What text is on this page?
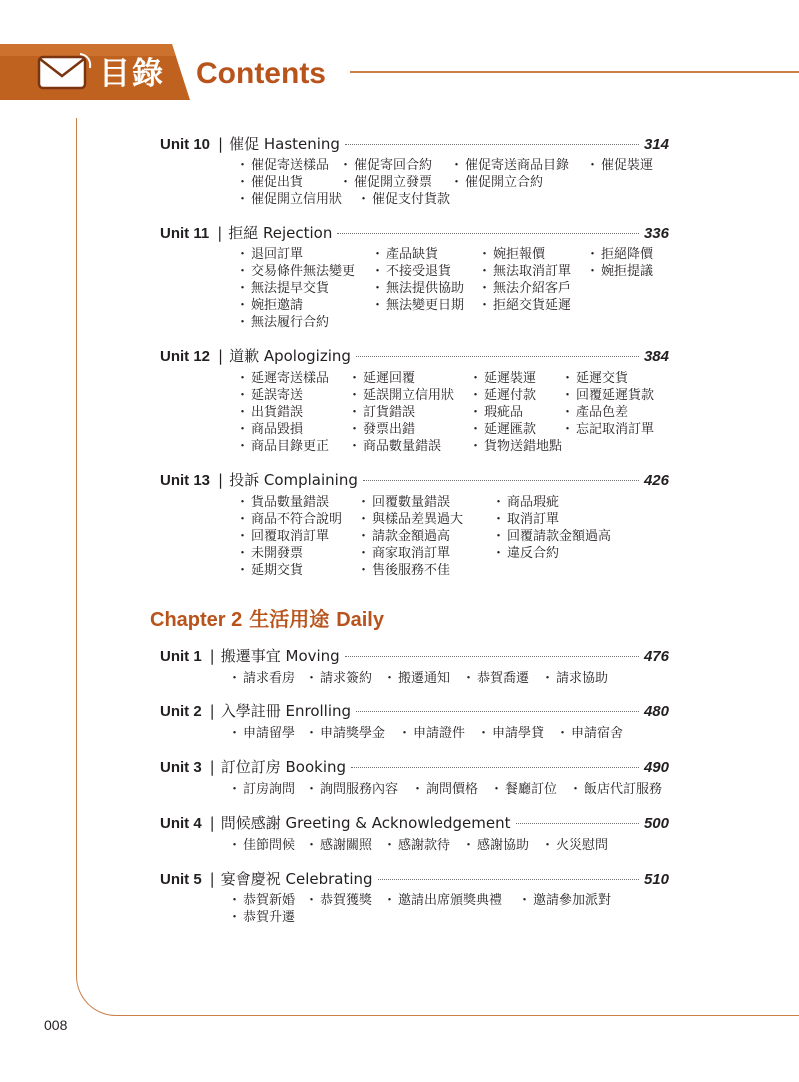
目錄 Contents
Unit 10 | 催促 Hastening	314
・ 催促寄送樣品	・ 催促寄回合約	・ 催促寄送商品目錄	・ 催促裝運
・ 催促出貨	・ 催促開立發票	・ 催促開立合約
・ 催促開立信用狀	・ 催促支付貨款
Unit 11 | 拒絕 Rejection	336
・ 退回訂單	・ 產品缺貨	・ 婉拒報價	・ 拒絕降價
・ 交易條件無法變更	・ 不接受退貨	・ 無法取消訂單	・ 婉拒提議
・ 無法提早交貨	・ 無法提供協助	・ 無法介紹客戶
・ 婉拒邀請	・ 無法變更日期	・ 拒絕交貨延遲
・ 無法履行合約
Unit 12 | 道歉 Apologizing	384
・ 延遲寄送樣品	・ 延遲回覆	・ 延遲裝運	・ 延遲交貨
・ 延誤寄送	・ 延誤開立信用狀	・ 延遲付款	・ 回覆延遲貨款
・ 出貨錯誤	・ 訂貨錯誤	・ 瑕疵品	・ 產品色差
・ 商品毀損	・ 發票出錯	・ 延遲匯款	・ 忘記取消訂單
・ 商品目錄更正	・ 商品數量錯誤	・ 貨物送錯地點
Unit 13 | 投訴 Complaining	426
・ 貨品數量錯誤	・ 回覆數量錯誤	・ 商品瑕疵
・ 商品不符合說明	・ 與樣品差異過大	・ 取消訂單
・ 回覆取消訂單	・ 請款金額過高	・ 回覆請款金額過高
・ 未開發票	・ 商家取消訂單	・ 違反合約
・ 延期交貨	・ 售後服務不佳
Chapter 2 生活用途 Daily
Unit 1 | 搬遷事宜 Moving	476
・ 請求看房	・ 請求簽約	・ 搬遷通知	・ 恭賀喬遷	・ 請求協助
Unit 2 | 入學註冊 Enrolling	480
・ 申請留學	・ 申請獎學金	・ 申請證件	・ 申請學貸	・ 申請宿舍
Unit 3 | 訂位訂房 Booking	490
・ 訂房詢問	・ 詢問服務內容	・ 詢問價格	・ 餐廳訂位	・ 飯店代訂服務
Unit 4 | 問候感謝 Greeting & Acknowledgement	500
・ 佳節問候	・ 感謝關照	・ 感謝款待	・ 感謝協助	・ 火災慰問
Unit 5 | 宴會慶祝 Celebrating	510
・ 恭賀新婚	・ 恭賀獲獎	・ 邀請出席頒獎典禮	・ 邀請參加派對
・ 恭賀升遷
008
